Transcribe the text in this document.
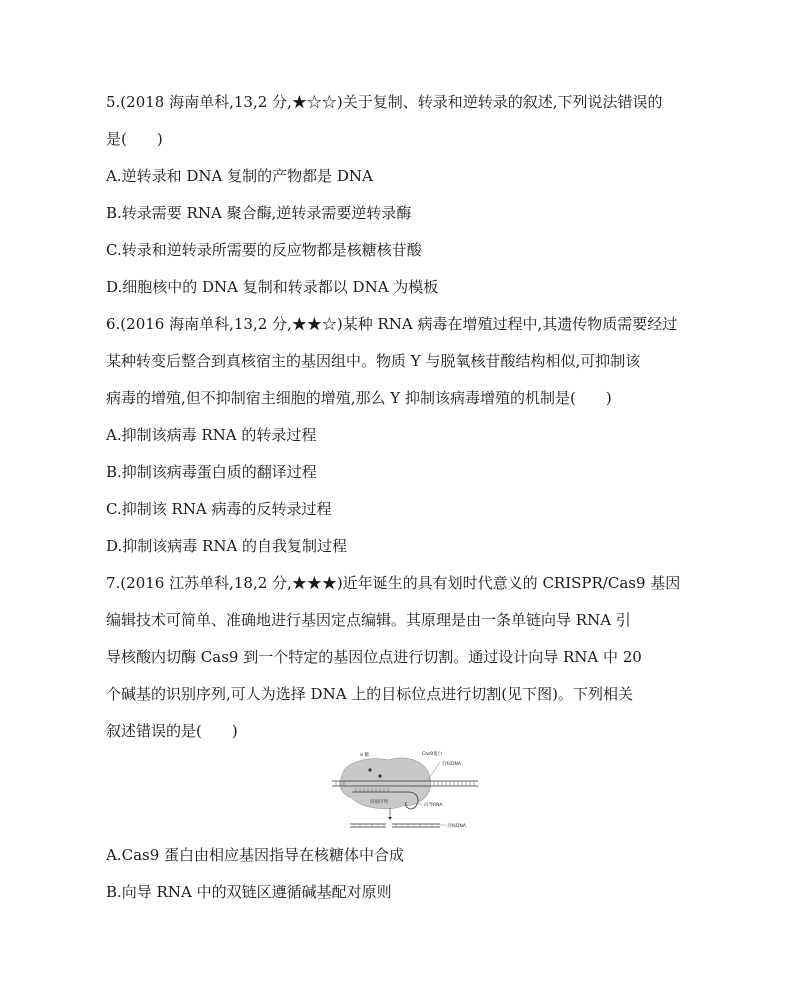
5.(2018 海南单科,13,2 分,★☆☆)关于复制、转录和逆转录的叙述,下列说法错误的
是(　　)
A.逆转录和 DNA 复制的产物都是 DNA
B.转录需要 RNA 聚合酶,逆转录需要逆转录酶
C.转录和逆转录所需要的反应物都是核糖核苷酸
D.细胞核中的 DNA 复制和转录都以 DNA 为模板
6.(2016 海南单科,13,2 分,★★☆)某种 RNA 病毒在增殖过程中,其遗传物质需要经过
某种转变后整合到真核宿主的基因组中。物质 Y 与脱氧核苷酸结构相似,可抑制该
病毒的增殖,但不抑制宿主细胞的增殖,那么 Y 抑制该病毒增殖的机制是(　　)
A.抑制该病毒 RNA 的转录过程
B.抑制该病毒蛋白质的翻译过程
C.抑制该 RNA 病毒的反转录过程
D.抑制该病毒 RNA 的自我复制过程
7.(2016 江苏单科,18,2 分,★★★)近年诞生的具有划时代意义的 CRISPR/Cas9 基因
编辑技术可简单、准确地进行基因定点编辑。其原理是由一条单链向导 RNA 引
导核酸内切酶 Cas9 到一个特定的基因位点进行切割。通过设计向导 RNA 中 20
个碱基的识别序列,可人为选择 DNA 上的目标位点进行切割(见下图)。下列相关
叙述错误的是(　　)
α 糖	Cas9蛋白
目标DNA
识别序列
向导RNA
目标DNA
A.Cas9 蛋白由相应基因指导在核糖体中合成
B.向导 RNA 中的双链区遵循碱基配对原则
